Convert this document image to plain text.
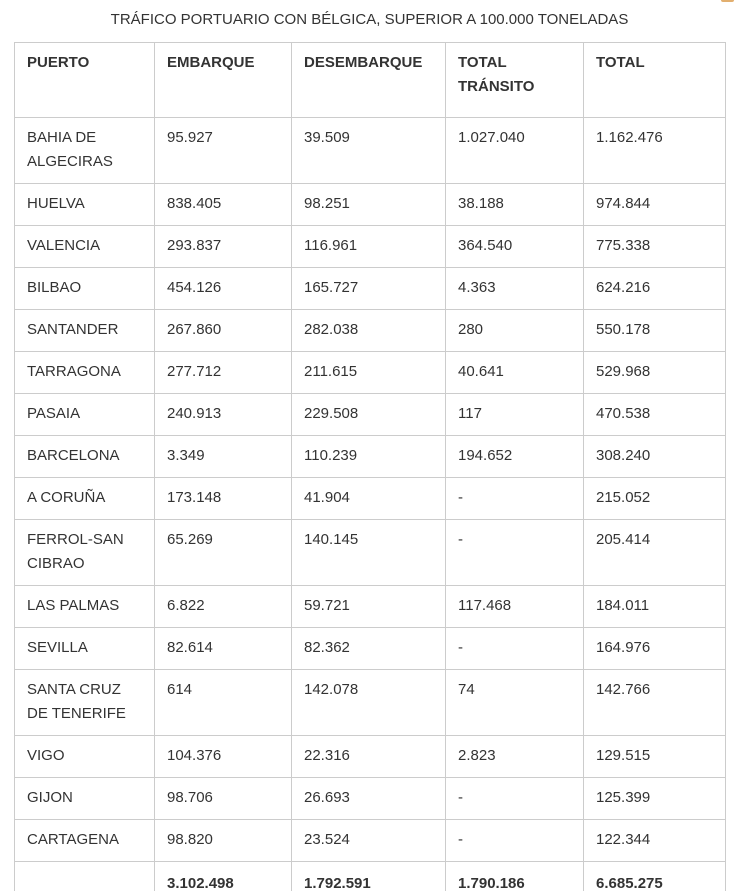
TRÁFICO PORTUARIO CON BÉLGICA, SUPERIOR A 100.000 TONELADAS
PUERTO	EMBARQUE	DESEMBARQUE	TOTAL TRÁNSITO	TOTAL
BAHIA DE ALGECIRAS	95.927	39.509	1.027.040	1.162.476
HUELVA	838.405	98.251	38.188	974.844
VALENCIA	293.837	116.961	364.540	775.338
BILBAO	454.126	165.727	4.363	624.216
SANTANDER	267.860	282.038	280	550.178
TARRAGONA	277.712	211.615	40.641	529.968
PASAIA	240.913	229.508	117	470.538
BARCELONA	3.349	110.239	194.652	308.240
A CORUÑA	173.148	41.904	-	215.052
FERROL-SAN CIBRAO	65.269	140.145	-	205.414
LAS PALMAS	6.822	59.721	117.468	184.011
SEVILLA	82.614	82.362	-	164.976
SANTA CRUZ DE TENERIFE	614	142.078	74	142.766
VIGO	104.376	22.316	2.823	129.515
GIJON	98.706	26.693	-	125.399
CARTAGENA	98.820	23.524	-	122.344
	3.102.498	1.792.591	1.790.186	6.685.275
